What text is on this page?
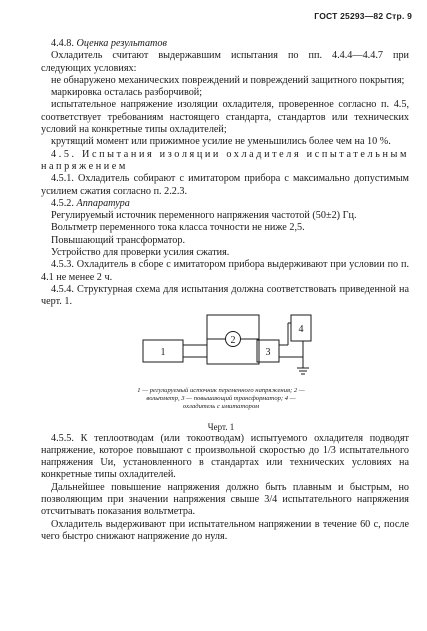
ГОСТ 25293—82 Стр. 9

4.4.8. Оценка результатов

Охладитель считают выдержавшим испытания по пп. 4.4.4—4.4.7 при следующих условиях:

не обнаружено механических повреждений и повреждений защитного покрытия;

маркировка осталась разборчивой;

испытательное напряжение изоляции охладителя, проверенное согласно п. 4.5, соответствует требованиям настоящего стандарта, стандартов или технических условий на конкретные типы охладителей;

крутящий момент или прижимное усилие не уменьшились более чем на 10 %.

4.5. Испытания изоляции охладителя испытательным напряжением

4.5.1. Охладитель собирают с имитатором прибора с максимально допустимым усилием сжатия согласно п. 2.2.3.

4.5.2. Аппаратура

Регулируемый источник переменного напряжения частотой (50±2) Гц.

Вольтметр переменного тока класса точности не ниже 2,5.

Повышающий трансформатор.

Устройство для проверки усилия сжатия.

4.5.3. Охладитель в сборе с имитатором прибора выдерживают при условии по п. 4.1 не менее 2 ч.

4.5.4. Структурная схема для испытания должна соответствовать приведенной на черт. 1.

1
2
3
4
1 — регулируемый источник переменного напряжения; 2 — вольтметр, 3 — повышающий трансформатор; 4 — охладитель с имитатором
Черт. 1

4.5.5. К теплоотводам (или токоотводам) испытуемого охладителя подводят напряжение, которое повышают с произвольной скоростью до 1/3 испытательного напряжения Uи, установленного в стандартах или технических условиях на конкретные типы охладителей.

Дальнейшее повышение напряжения должно быть плавным и быстрым, но позволяющим при значении напряжения свыше 3/4 испытательного напряжения отсчитывать показания вольтметра.

Охладитель выдерживают при испытательном напряжении в течение 60 с, после чего быстро снижают напряжение до нуля.
